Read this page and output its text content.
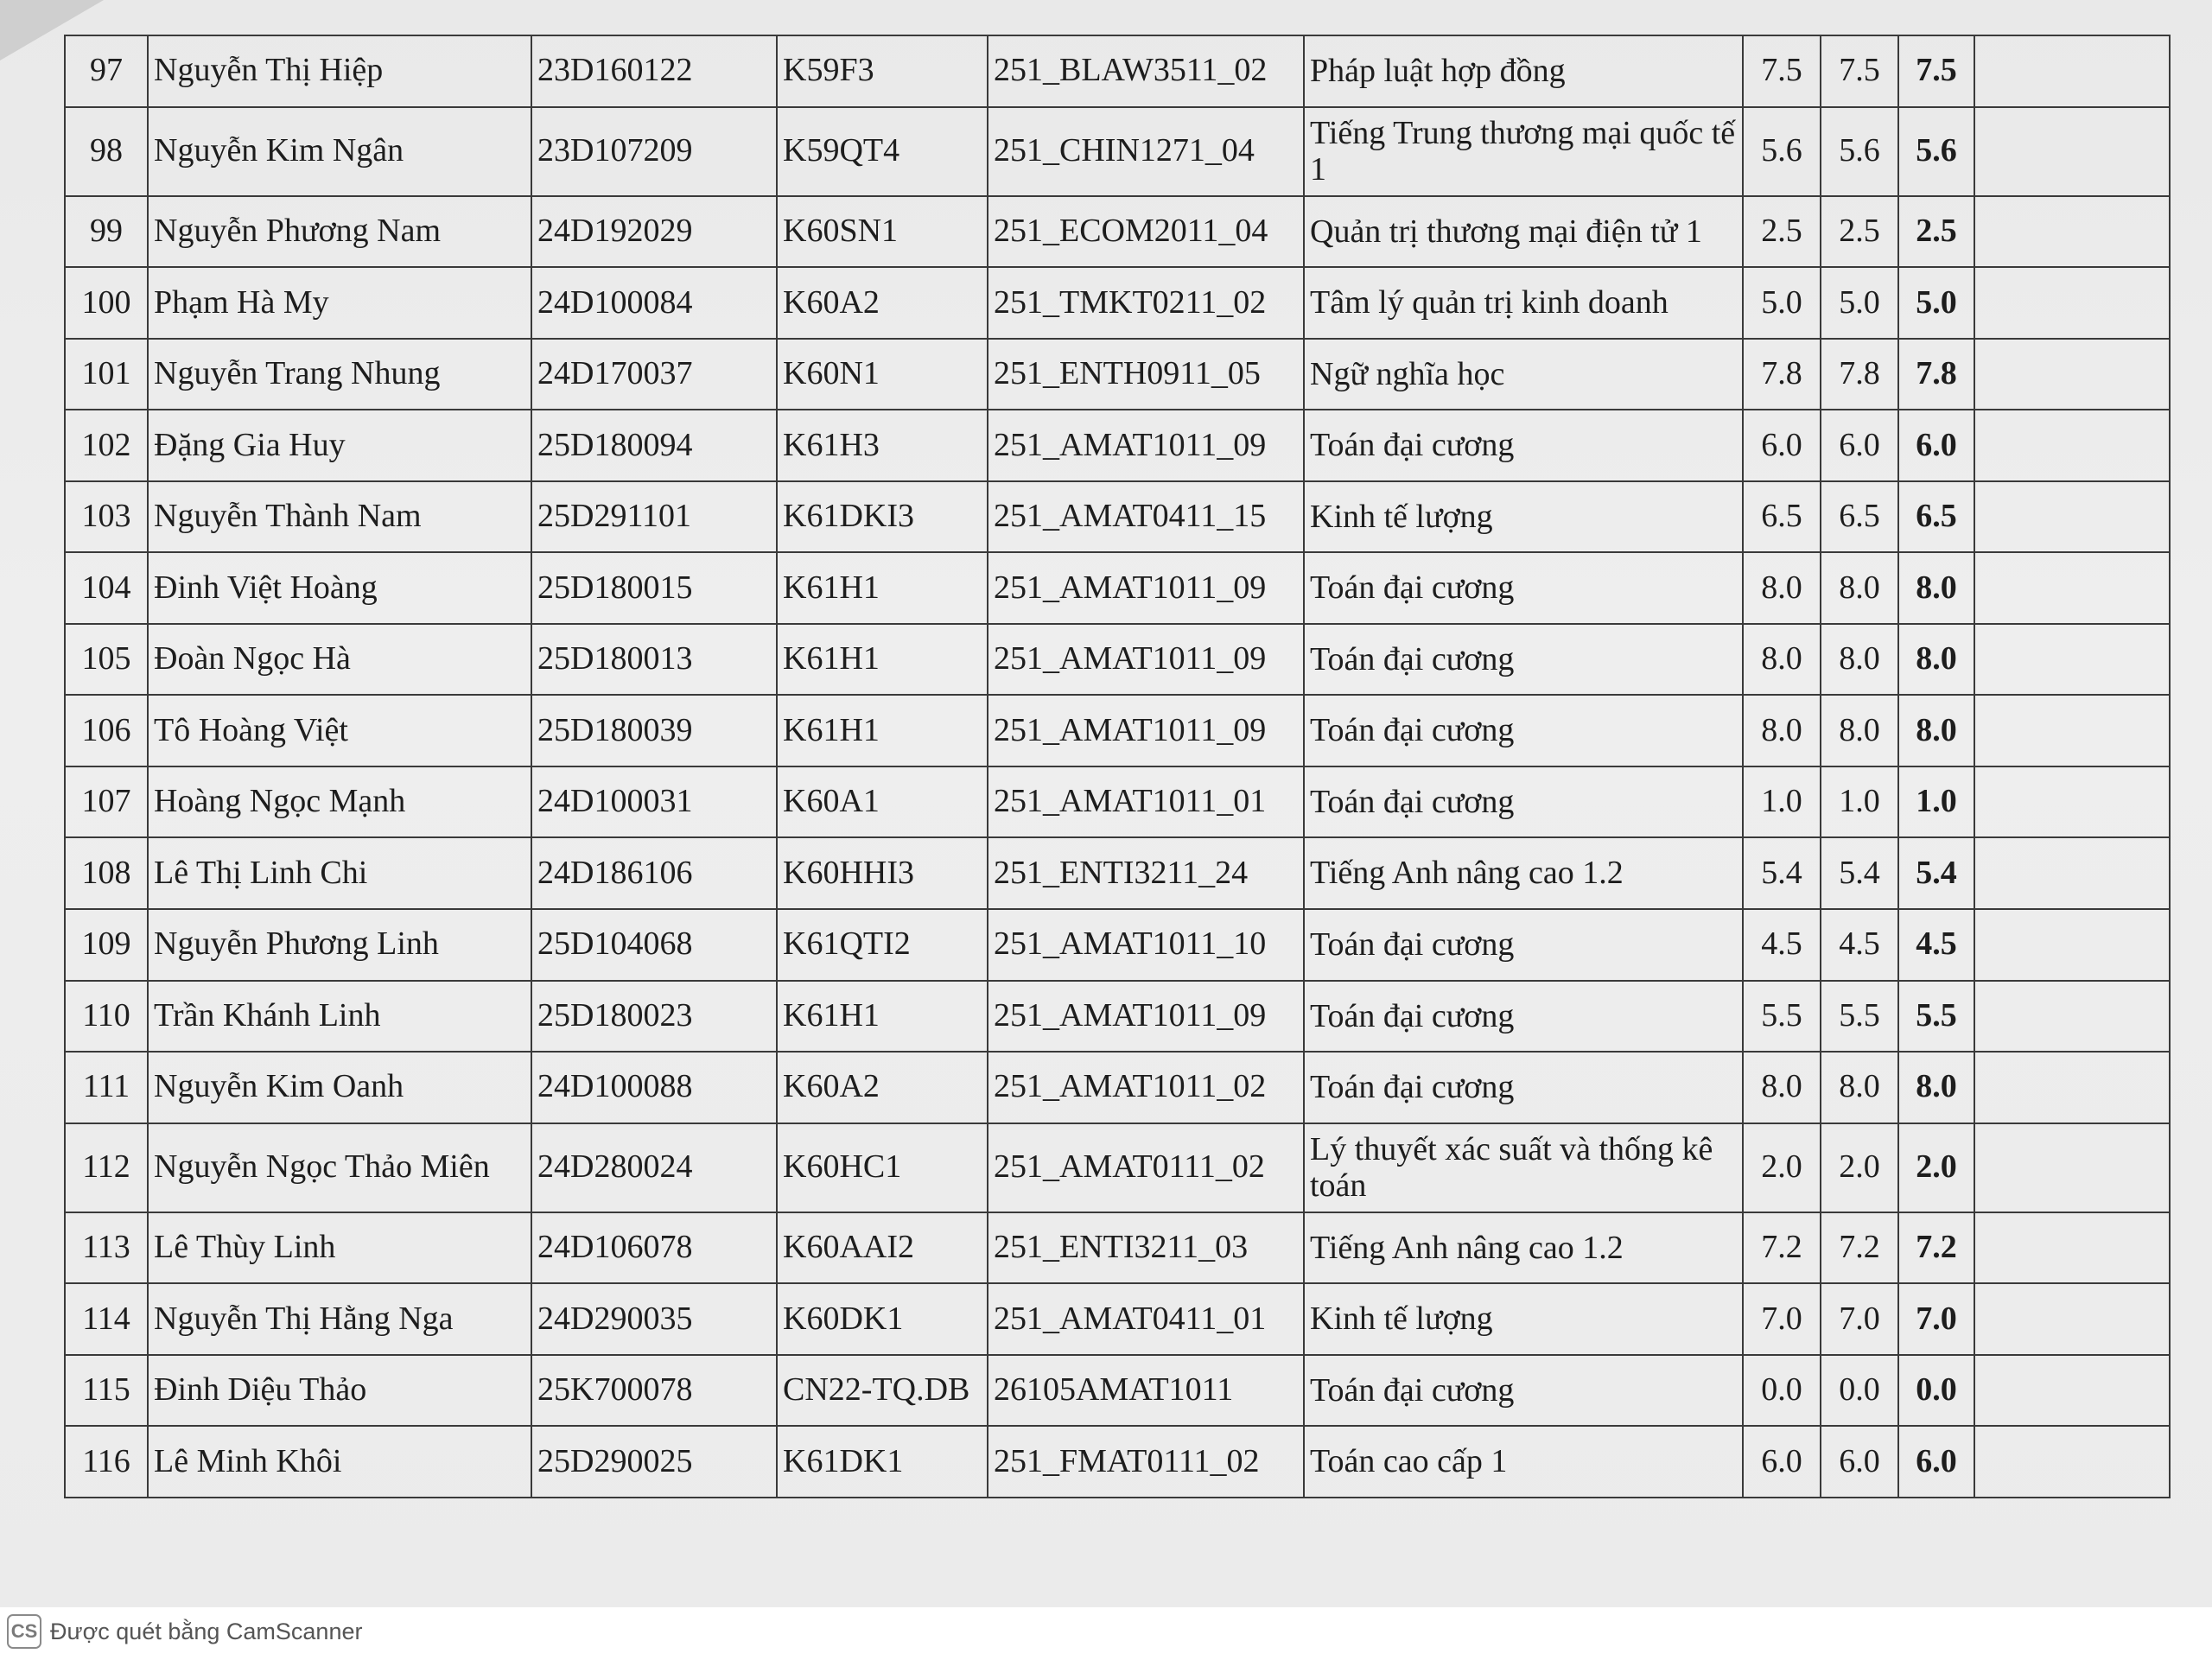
97	Nguyễn Thị Hiệp	23D160122	K59F3	251_BLAW3511_02	Pháp luật hợp đồng	7.5	7.5	7.5	
98	Nguyễn Kim Ngân	23D107209	K59QT4	251_CHIN1271_04	Tiếng Trung thương mại quốc tế 1	5.6	5.6	5.6	
99	Nguyễn Phương Nam	24D192029	K60SN1	251_ECOM2011_04	Quản trị thương mại điện tử 1	2.5	2.5	2.5	
100	Phạm Hà My	24D100084	K60A2	251_TMKT0211_02	Tâm lý quản trị kinh doanh	5.0	5.0	5.0	
101	Nguyễn Trang Nhung	24D170037	K60N1	251_ENTH0911_05	Ngữ nghĩa học	7.8	7.8	7.8	
102	Đặng Gia Huy	25D180094	K61H3	251_AMAT1011_09	Toán đại cương	6.0	6.0	6.0	
103	Nguyễn Thành Nam	25D291101	K61DKI3	251_AMAT0411_15	Kinh tế lượng	6.5	6.5	6.5	
104	Đinh Việt Hoàng	25D180015	K61H1	251_AMAT1011_09	Toán đại cương	8.0	8.0	8.0	
105	Đoàn Ngọc Hà	25D180013	K61H1	251_AMAT1011_09	Toán đại cương	8.0	8.0	8.0	
106	Tô Hoàng Việt	25D180039	K61H1	251_AMAT1011_09	Toán đại cương	8.0	8.0	8.0	
107	Hoàng Ngọc Mạnh	24D100031	K60A1	251_AMAT1011_01	Toán đại cương	1.0	1.0	1.0	
108	Lê Thị Linh Chi	24D186106	K60HHI3	251_ENTI3211_24	Tiếng Anh nâng cao 1.2	5.4	5.4	5.4	
109	Nguyễn Phương Linh	25D104068	K61QTI2	251_AMAT1011_10	Toán đại cương	4.5	4.5	4.5	
110	Trần Khánh Linh	25D180023	K61H1	251_AMAT1011_09	Toán đại cương	5.5	5.5	5.5	
111	Nguyễn Kim Oanh	24D100088	K60A2	251_AMAT1011_02	Toán đại cương	8.0	8.0	8.0	
112	Nguyễn Ngọc Thảo Miên	24D280024	K60HC1	251_AMAT0111_02	Lý thuyết xác suất và thống kê toán	2.0	2.0	2.0	
113	Lê Thùy Linh	24D106078	K60AAI2	251_ENTI3211_03	Tiếng Anh nâng cao 1.2	7.2	7.2	7.2	
114	Nguyễn Thị Hằng Nga	24D290035	K60DK1	251_AMAT0411_01	Kinh tế lượng	7.0	7.0	7.0	
115	Đinh Diệu Thảo	25K700078	CN22-TQ.DB	26105AMAT1011	Toán đại cương	0.0	0.0	0.0	
116	Lê Minh Khôi	25D290025	K61DK1	251_FMAT0111_02	Toán cao cấp 1	6.0	6.0	6.0	
CS Được quét bằng CamScanner
